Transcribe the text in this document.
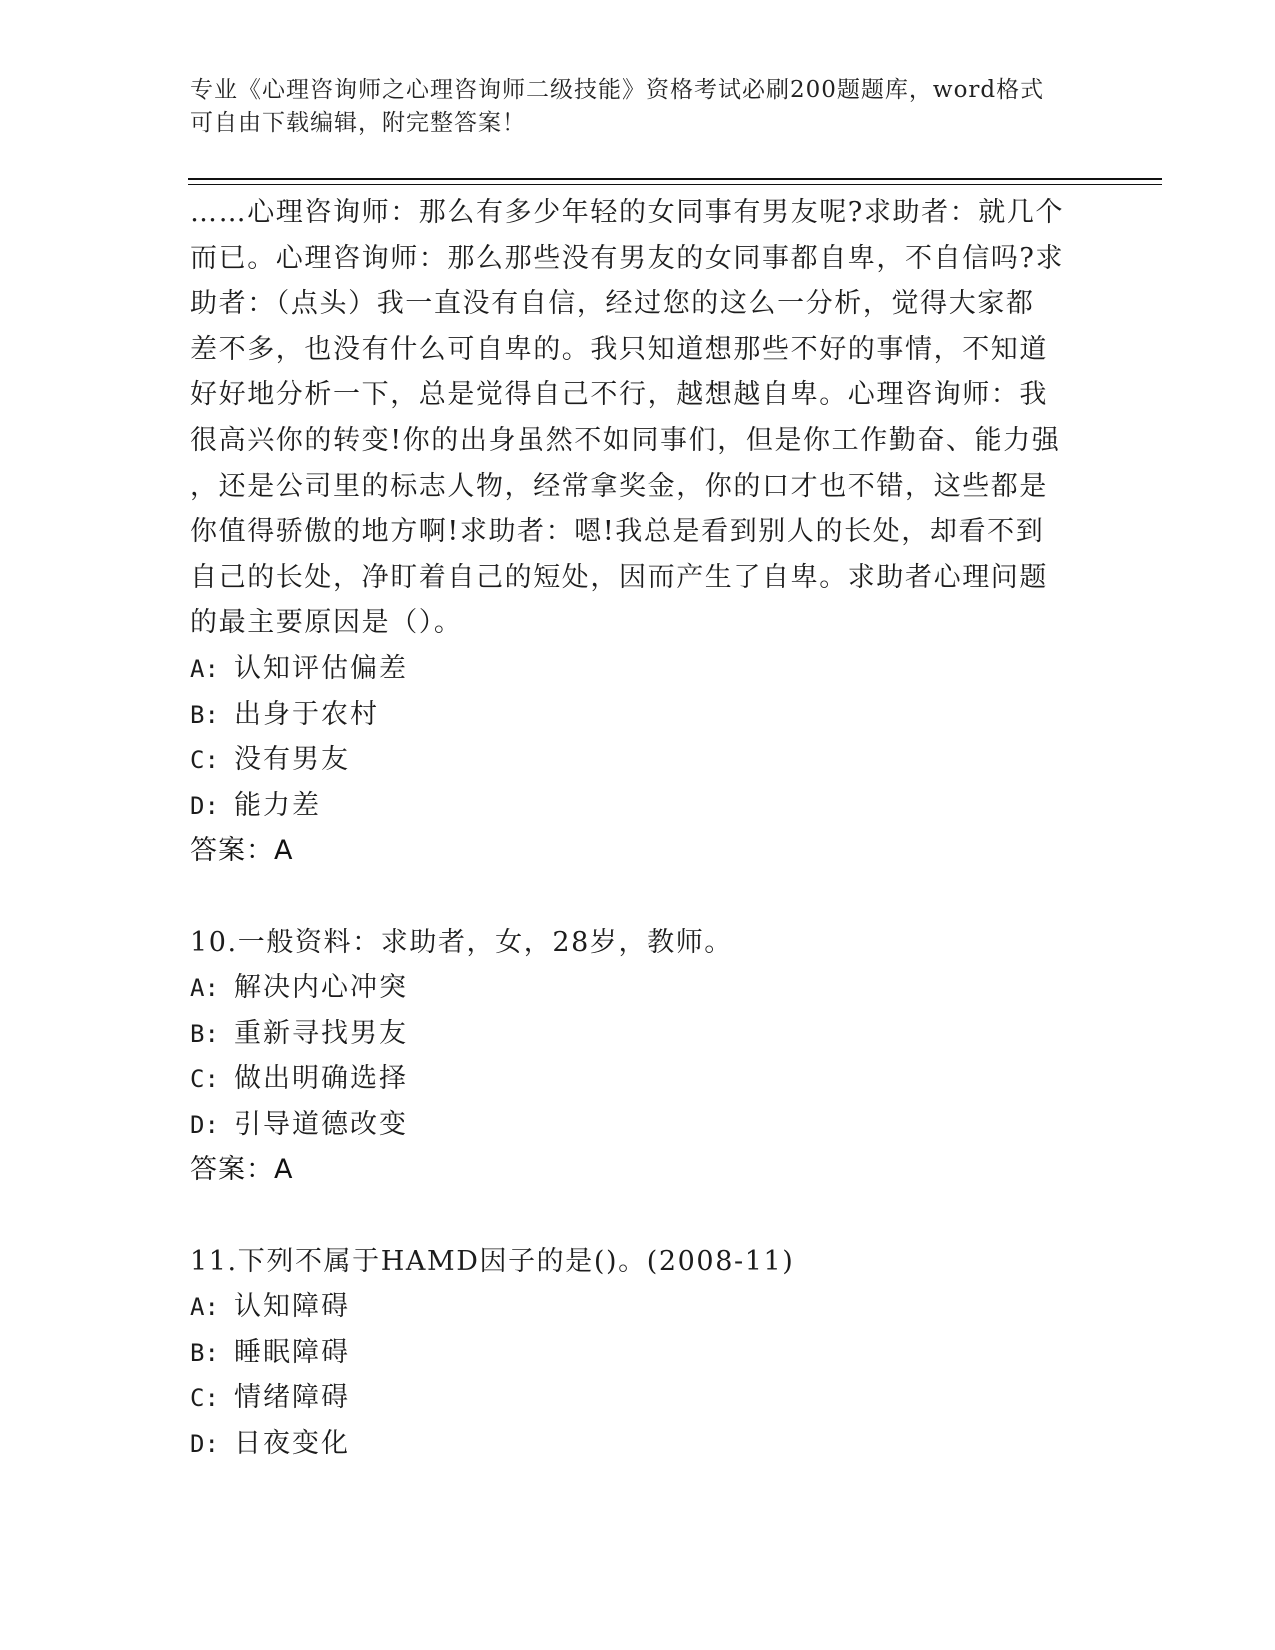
专业《心理咨询师之心理咨询师二级技能》资格考试必刷200题题库，word格式
可自由下载编辑，附完整答案！
……心理咨询师：那么有多少年轻的女同事有男友呢?求助者：就几个
而已。心理咨询师：那么那些没有男友的女同事都自卑，不自信吗?求
助者：（点头）我一直没有自信，经过您的这么一分析，觉得大家都
差不多，也没有什么可自卑的。我只知道想那些不好的事情，不知道
好好地分析一下，总是觉得自己不行，越想越自卑。心理咨询师：我
很高兴你的转变!你的出身虽然不如同事们，但是你工作勤奋、能力强
，还是公司里的标志人物，经常拿奖金，你的口才也不错，这些都是
你值得骄傲的地方啊!求助者：嗯!我总是看到别人的长处，却看不到
自己的长处，净盯着自己的短处，因而产生了自卑。求助者心理问题
的最主要原因是（）。
A: 认知评估偏差
B: 出身于农村
C: 没有男友
D: 能力差
答案：A
10.一般资料：求助者，女，28岁，教师。
A: 解决内心冲突
B: 重新寻找男友
C: 做出明确选择
D: 引导道德改变
答案：A
11.下列不属于HAMD因子的是()。(2008-11)
A: 认知障碍
B: 睡眠障碍
C: 情绪障碍
D: 日夜变化
